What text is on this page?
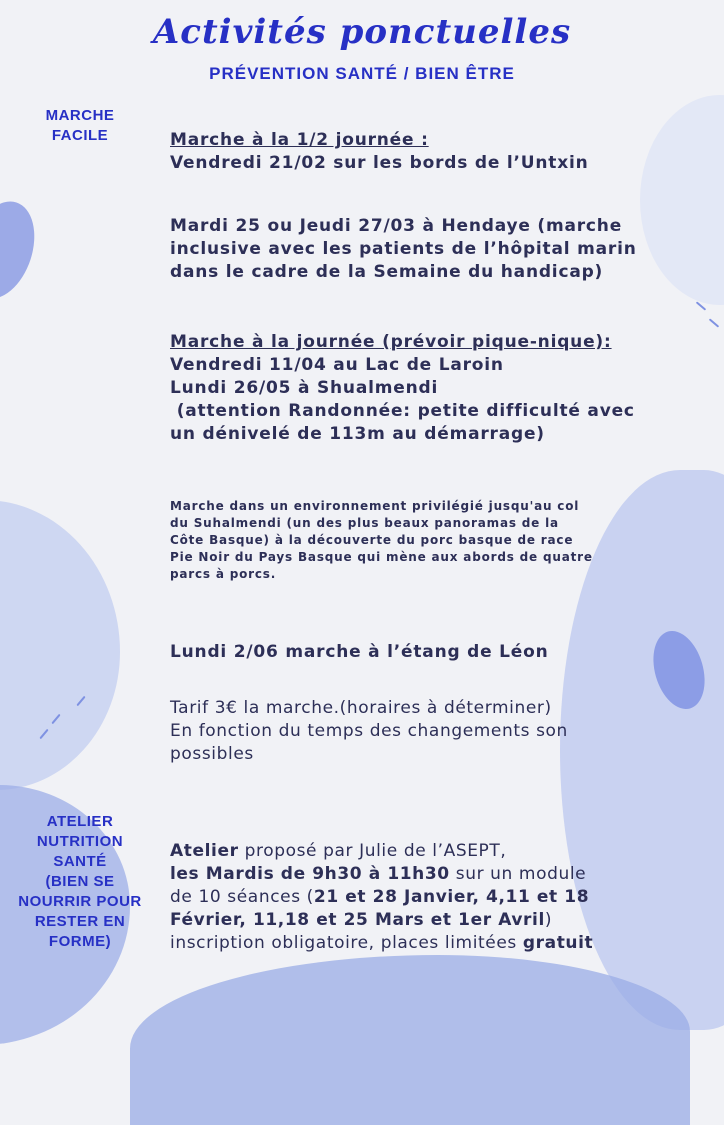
Activités ponctuelles
PRÉVENTION SANTÉ / BIEN ÊTRE
MARCHE
FACILE
ATELIER
NUTRITION
SANTÉ
(BIEN SE
NOURRIR POUR
RESTER EN
FORME)
Marche à la 1/2 journée :
Vendredi 21/02 sur les bords de l’Untxin
Mardi 25 ou Jeudi 27/03 à Hendaye (marche
inclusive avec les patients de l’hôpital marin
dans le cadre de la Semaine du handicap)
Marche à la journée (prévoir pique-nique):
Vendredi 11/04 au Lac de Laroin
Lundi 26/05 à Shualmendi
(attention Randonnée: petite difficulté avec
un dénivelé de 113m au démarrage)
Marche dans un environnement privilégié jusqu'au col
du Suhalmendi (un des plus beaux panoramas de la
Côte Basque) à la découverte du porc basque de race
Pie Noir du Pays Basque qui mène aux abords de quatre
parcs à porcs.
Lundi 2/06 marche à l’étang de Léon
Tarif 3€ la marche.(horaires à déterminer)
En fonction du temps des changements son
possibles
Atelier proposé par Julie de l’ASEPT,
les Mardis de 9h30 à 11h30 sur un module
de 10 séances (21 et 28 Janvier, 4,11 et 18
Février, 11,18 et 25 Mars et 1er Avril)
inscription obligatoire, places limitées gratuit
